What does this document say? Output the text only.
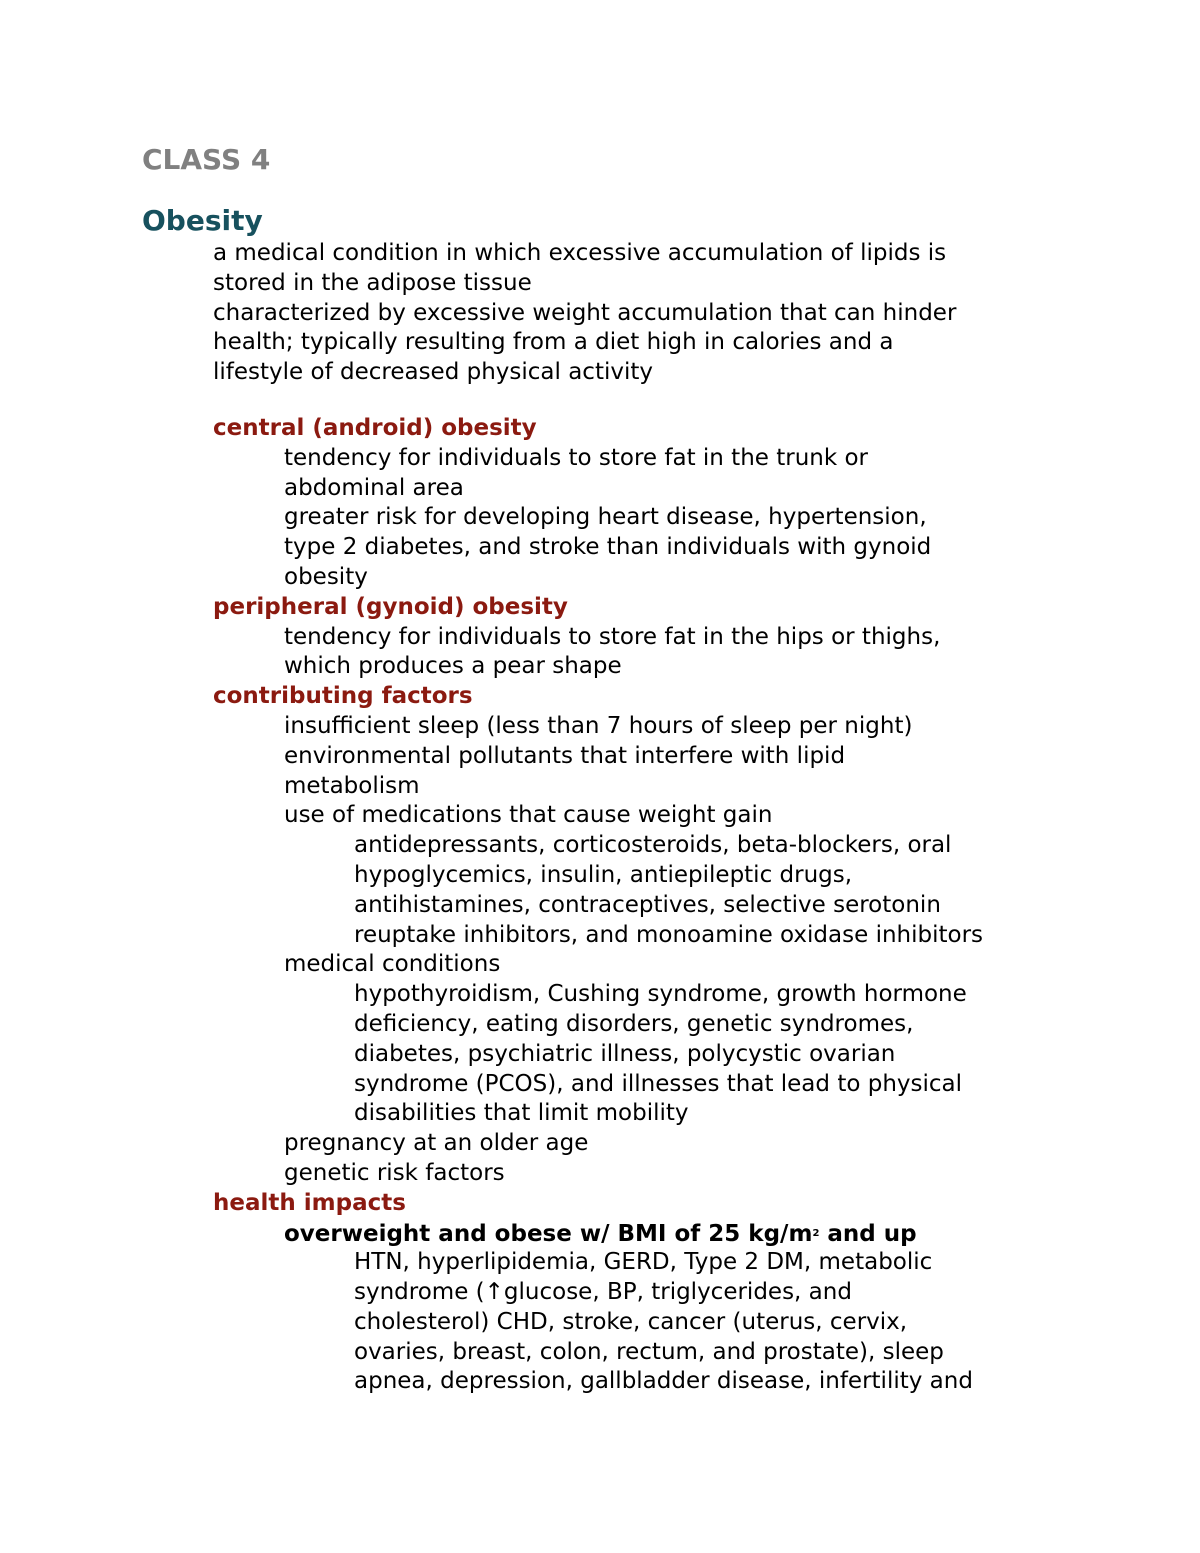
CLASS 4
Obesity
a medical condition in which excessive accumulation of lipids is
stored in the adipose tissue
characterized by excessive weight accumulation that can hinder
health; typically resulting from a diet high in calories and a
lifestyle of decreased physical activity
central (android) obesity
tendency for individuals to store fat in the trunk or
abdominal area
greater risk for developing heart disease, hypertension,
type 2 diabetes, and stroke than individuals with gynoid
obesity
peripheral (gynoid) obesity
tendency for individuals to store fat in the hips or thighs,
which produces a pear shape
contributing factors
insufficient sleep (less than 7 hours of sleep per night)
environmental pollutants that interfere with lipid
metabolism
use of medications that cause weight gain
antidepressants, corticosteroids, beta-blockers, oral
hypoglycemics, insulin, antiepileptic drugs,
antihistamines, contraceptives, selective serotonin
reuptake inhibitors, and monoamine oxidase inhibitors
medical conditions
hypothyroidism, Cushing syndrome, growth hormone
deficiency, eating disorders, genetic syndromes,
diabetes, psychiatric illness, polycystic ovarian
syndrome (PCOS), and illnesses that lead to physical
disabilities that limit mobility
pregnancy at an older age
genetic risk factors
health impacts
overweight and obese w/ BMI of 25 $kg/m^2$ and up
HTN, hyperlipidemia, GERD, Type 2 DM, metabolic
syndrome (↑glucose, BP, triglycerides, and
cholesterol) CHD, stroke, cancer (uterus, cervix,
ovaries, breast, colon, rectum, and prostate), sleep
apnea, depression, gallbladder disease, infertility and
